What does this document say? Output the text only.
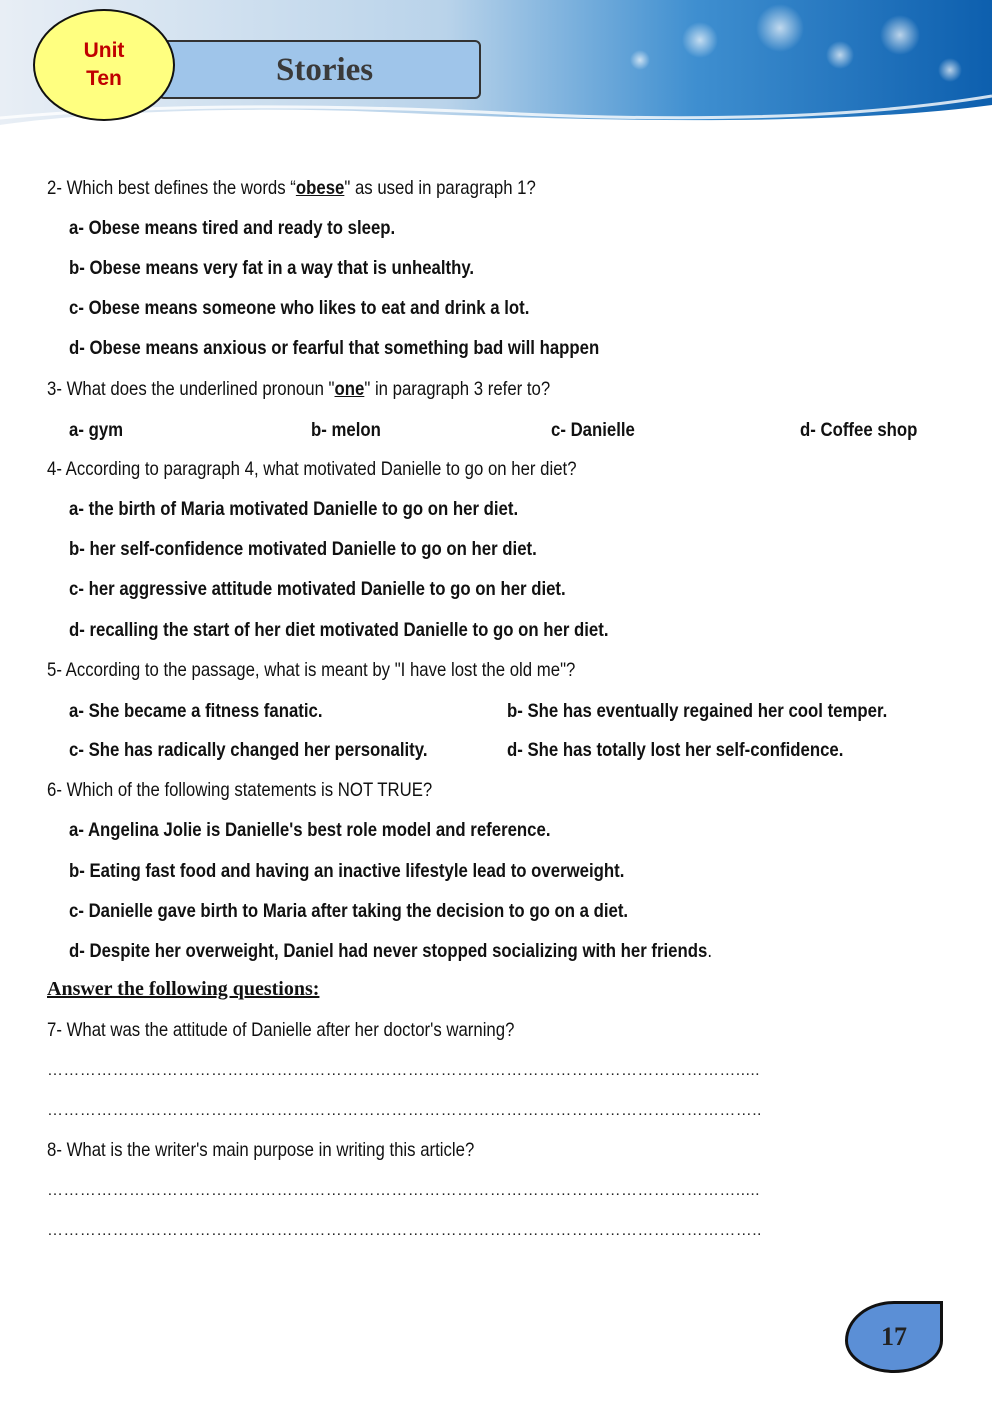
Unit
Ten	Stories
2- Which best defines the words “obese" as used in paragraph 1?
a- Obese means tired and ready to sleep.
b- Obese means very fat in a way that is unhealthy.
c- Obese means someone who likes to eat and drink a lot.
d- Obese means anxious or fearful that something bad will happen
3- What does the underlined pronoun "one" in paragraph 3 refer to?
a- gym	b- melon	c- Danielle	d- Coffee shop
4- According to paragraph 4, what motivated Danielle to go on her diet?
a- the birth of Maria motivated Danielle to go on her diet.
b- her self-confidence motivated Danielle to go on her diet.
c- her aggressive attitude motivated Danielle to go on her diet.
d- recalling the start of her diet motivated Danielle to go on her diet.
5- According to the passage, what is meant by "I have lost the old me"?
a- She became a fitness fanatic.	b- She has eventually regained her cool temper.
c- She has radically changed her personality.	d- She has totally lost her self-confidence.
6- Which of the following statements is NOT TRUE?
a- Angelina Jolie is Danielle's best role model and reference.
b- Eating fast food and having an inactive lifestyle lead to overweight.
c- Danielle gave birth to Maria after taking the decision to go on a diet.
d- Despite her overweight, Daniel had never stopped socializing with her friends.
Answer the following questions:
7- What was the attitude of Danielle after her doctor's warning?
……………………………………………………………………………………………………………….....
…………………………………………………………………………………………………………………..
8- What is the writer's main purpose in writing this article?
……………………………………………………………………………………………………………….....
…………………………………………………………………………………………………………………..
17
